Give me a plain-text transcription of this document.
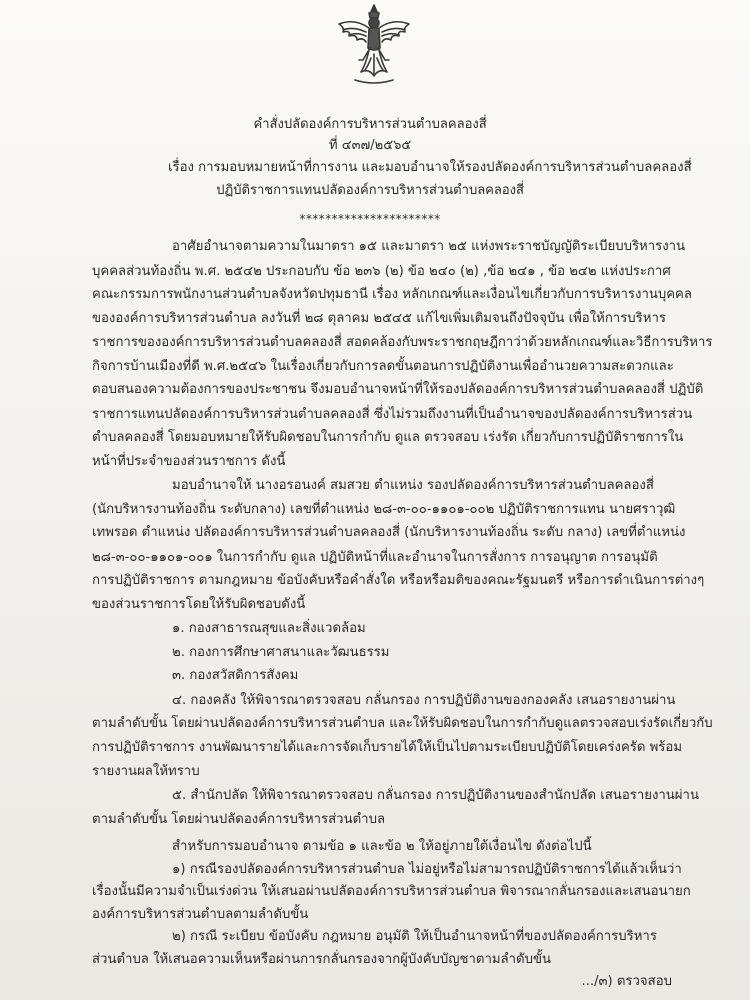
คำสั่งปลัดองค์การบริหารส่วนตำบลคลองสี่
ที่ ๔๓๗/๒๕๖๕
เรื่อง การมอบหมายหน้าที่การงาน และมอบอำนาจให้รองปลัดองค์การบริหารส่วนตำบลคลองสี่
ปฏิบัติราชการแทนปลัดองค์การบริหารส่วนตำบลคลองสี่
**********************
อาศัยอำนาจตามความในมาตรา ๑๕ และมาตรา ๒๕ แห่งพระราชบัญญัติระเบียบบริหารงาน
บุคคลส่วนท้องถิ่น พ.ศ. ๒๕๔๒ ประกอบกับ ข้อ ๒๓๖ (๒) ข้อ ๒๔๐ (๒) ,ข้อ ๒๔๑ , ข้อ ๒๔๒ แห่งประกาศ
คณะกรรมการพนักงานส่วนตำบลจังหวัดปทุมธานี เรื่อง หลักเกณฑ์และเงื่อนไขเกี่ยวกับการบริหารงานบุคคล
ขององค์การบริหารส่วนตำบล ลงวันที่ ๒๘ ตุลาคม ๒๕๔๕ แก้ไขเพิ่มเติมจนถึงปัจจุบัน เพื่อให้การบริหาร
ราชการขององค์การบริหารส่วนตำบลคลองสี่ สอดคล้องกับพระราชกฤษฎีกาว่าด้วยหลักเกณฑ์และวิธีการบริหาร
กิจการบ้านเมืองที่ดี พ.ศ.๒๕๔๖ ในเรื่องเกี่ยวกับการลดขั้นตอนการปฏิบัติงานเพื่ออำนวยความสะดวกและ
ตอบสนองความต้องการของประชาชน จึงมอบอำนาจหน้าที่ให้รองปลัดองค์การบริหารส่วนตำบลคลองสี่ ปฏิบัติ
ราชการแทนปลัดองค์การบริหารส่วนตำบลคลองสี่ ซึ่งไม่รวมถึงงานที่เป็นอำนาจของปลัดองค์การบริหารส่วน
ตำบลคลองสี่ โดยมอบหมายให้รับผิดชอบในการกำกับ ดูแล ตรวจสอบ เร่งรัด เกี่ยวกับการปฏิบัติราชการใน
หน้าที่ประจำของส่วนราชการ ดังนี้
มอบอำนาจให้ นางอรอนงค์ สมสวย ตำแหน่ง รองปลัดองค์การบริหารส่วนตำบลคลองสี่
(นักบริหารงานท้องถิ่น ระดับกลาง) เลขที่ตำแหน่ง ๒๘-๓-๐๐-๑๑๐๑-๐๐๒ ปฏิบัติราชการแทน นายศราวุฒิ
เทพรอด ตำแหน่ง ปลัดองค์การบริหารส่วนตำบลคลองสี่ (นักบริหารงานท้องถิ่น ระดับ กลาง) เลขที่ตำแหน่ง
๒๘-๓-๐๐-๑๑๐๑-๐๐๑ ในการกำกับ ดูแล ปฏิบัติหน้าที่และอำนาจในการสั่งการ การอนุญาต การอนุมัติ
การปฏิบัติราชการ ตามกฎหมาย ข้อบังคับหรือคำสั่งใด หรือหรือมติของคณะรัฐมนตรี หรือการดำเนินการต่างๆ
ของส่วนราชการโดยให้รับผิดชอบดังนี้
๑. กองสาธารณสุขและสิ่งแวดล้อม
๒. กองการศึกษาศาสนาและวัฒนธรรม
๓. กองสวัสดิการสังคม
๔. กองคลัง ให้พิจารณาตรวจสอบ กลั่นกรอง การปฏิบัติงานของกองคลัง เสนอรายงานผ่าน
ตามลำดับขั้น โดยผ่านปลัดองค์การบริหารส่วนตำบล และให้รับผิดชอบในการกำกับดูแลตรวจสอบเร่งรัดเกี่ยวกับ
การปฏิบัติราชการ งานพัฒนารายได้และการจัดเก็บรายได้ให้เป็นไปตามระเบียบปฏิบัติโดยเคร่งครัด พร้อม
รายงานผลให้ทราบ
๕. สำนักปลัด ให้พิจารณาตรวจสอบ กลั่นกรอง การปฏิบัติงานของสำนักปลัด เสนอรายงานผ่าน
ตามลำดับขั้น โดยผ่านปลัดองค์การบริหารส่วนตำบล
สำหรับการมอบอำนาจ ตามข้อ ๑ และข้อ ๒ ให้อยู่ภายใต้เงื่อนไข ดังต่อไปนี้
๑) กรณีรองปลัดองค์การบริหารส่วนตำบล ไม่อยู่หรือไม่สามารถปฏิบัติราชการได้แล้วเห็นว่า
เรื่องนั้นมีความจำเป็นเร่งด่วน ให้เสนอผ่านปลัดองค์การบริหารส่วนตำบล พิจารณากลั่นกรองและเสนอนายก
องค์การบริหารส่วนตำบลตามลำดับขั้น
๒) กรณี ระเบียบ ข้อบังคับ กฎหมาย อนุมัติ ให้เป็นอำนาจหน้าที่ของปลัดองค์การบริหาร
ส่วนตำบล ให้เสนอความเห็นหรือผ่านการกลั่นกรองจากผู้บังคับบัญชาตามลำดับขั้น
.../๓) ตรวจสอบ
